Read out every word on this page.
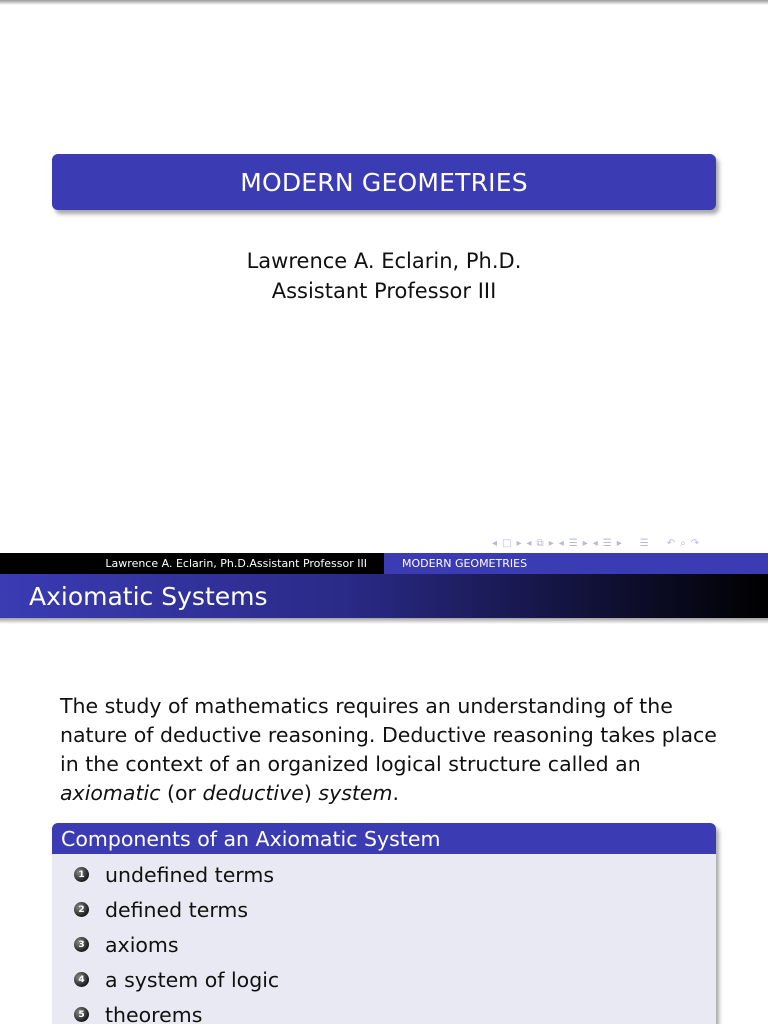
MODERN GEOMETRIES
Lawrence A. Eclarin, Ph.D.
Assistant Professor III
◂ □ ▸ ◂ ⧉ ▸ ◂ ☰ ▸ ◂ ☰ ▸ ☰ ↶ ⌕ ↷
Lawrence A. Eclarin, Ph.D.Assistant Professor III	MODERN GEOMETRIES
Axiomatic Systems

The study of mathematics requires an understanding of the nature of deductive reasoning. Deductive reasoning takes place in the context of an organized logical structure called an axiomatic (or deductive) system.

Components of an Axiomatic System
1 undefined terms
2 defined terms
3 axioms
4 a system of logic
5 theorems
